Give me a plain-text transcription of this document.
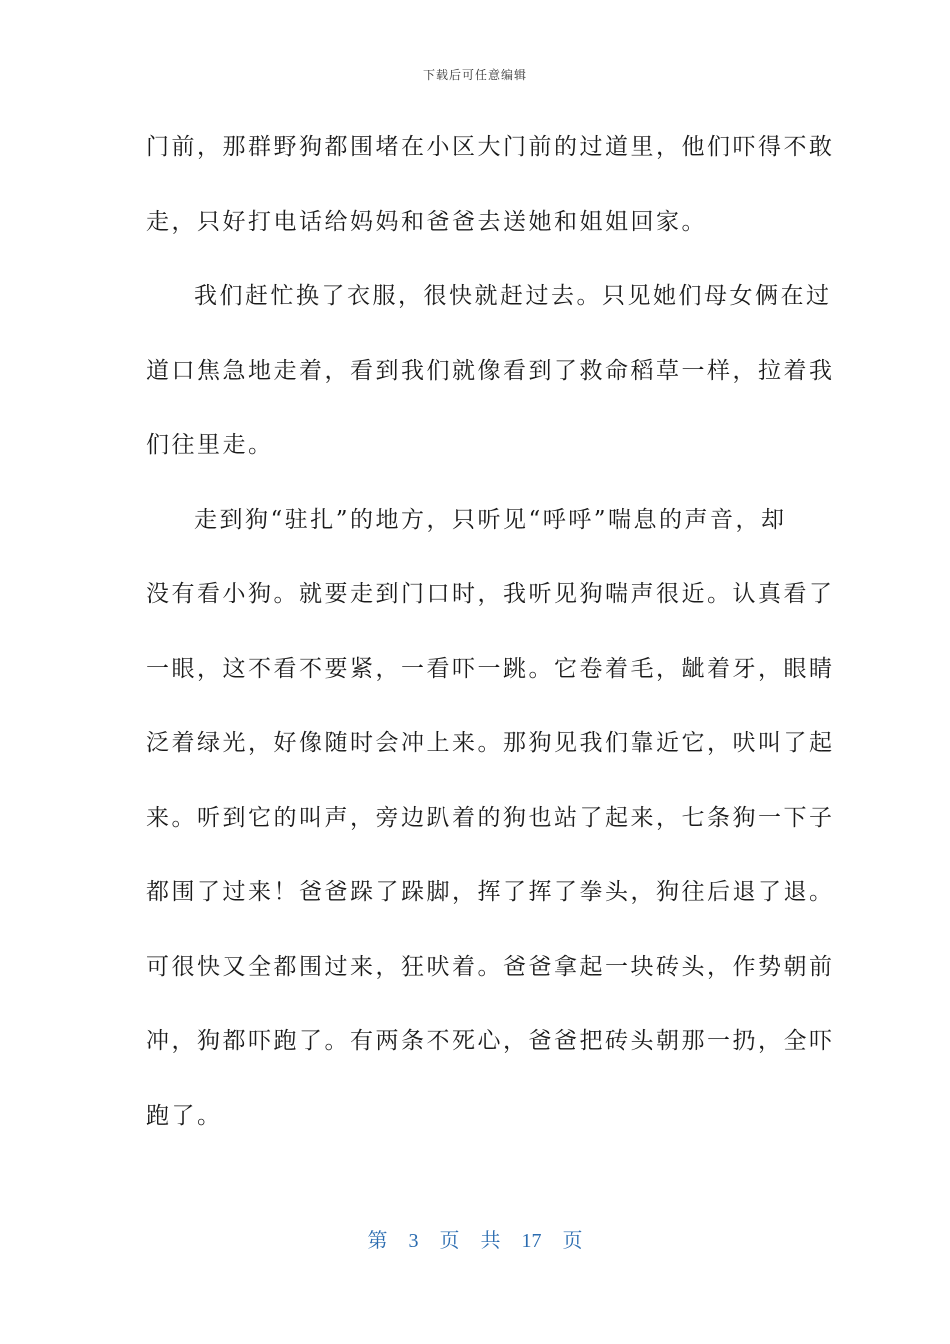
下载后可任意编辑
门前，那群野狗都围堵在小区大门前的过道里，他们吓得不敢
走，只好打电话给妈妈和爸爸去送她和姐姐回家。
我们赶忙换了衣服，很快就赶过去。只见她们母女俩在过
道口焦急地走着，看到我们就像看到了救命稻草一样，拉着我
们往里走。
走到狗“驻扎”的地方，只听见“呼呼”喘息的声音，却
没有看小狗。就要走到门口时，我听见狗喘声很近。认真看了
一眼，这不看不要紧，一看吓一跳。它卷着毛，龇着牙，眼睛
泛着绿光，好像随时会冲上来。那狗见我们靠近它，吠叫了起
来。听到它的叫声，旁边趴着的狗也站了起来，七条狗一下子
都围了过来！爸爸跺了跺脚，挥了挥了拳头，狗往后退了退。
可很快又全都围过来，狂吠着。爸爸拿起一块砖头，作势朝前
冲，狗都吓跑了。有两条不死心，爸爸把砖头朝那一扔，全吓
跑了。
第 3 页 共 17 页
